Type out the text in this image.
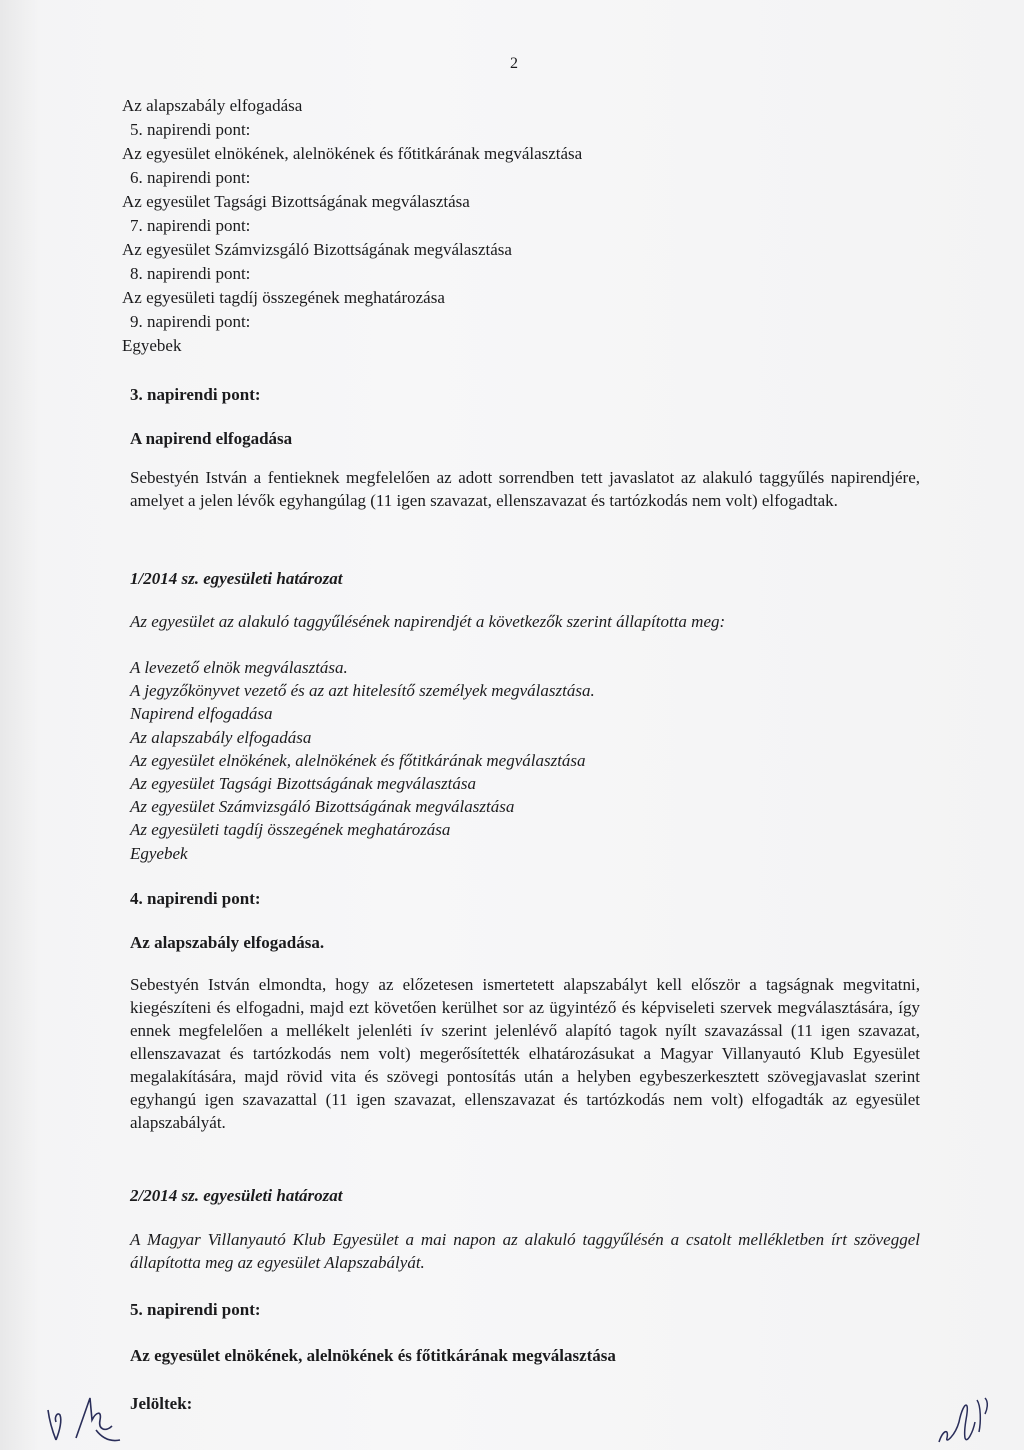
2
Az alapszabály elfogadása
5. napirendi pont:
Az egyesület elnökének, alelnökének és főtitkárának megválasztása
6. napirendi pont:
Az egyesület Tagsági Bizottságának megválasztása
7. napirendi pont:
Az egyesület Számvizsgáló Bizottságának megválasztása
8. napirendi pont:
Az egyesületi tagdíj összegének meghatározása
9. napirendi pont:
Egyebek
3. napirendi pont:
A napirend elfogadása
Sebestyén István a fentieknek megfelelően az adott sorrendben tett javaslatot az alakuló taggyűlés napirendjére, amelyet a jelen lévők egyhangúlag (11 igen szavazat, ellenszavazat és tartózkodás nem volt) elfogadtak.
1/2014 sz. egyesületi határozat
Az egyesület az alakuló taggyűlésének napirendjét a következők szerint állapította meg:
A levezető elnök megválasztása.
A jegyzőkönyvet vezető és az azt hitelesítő személyek megválasztása.
Napirend elfogadása
Az alapszabály elfogadása
Az egyesület elnökének, alelnökének és főtitkárának megválasztása
Az egyesület Tagsági Bizottságának megválasztása
Az egyesület Számvizsgáló Bizottságának megválasztása
Az egyesületi tagdíj összegének meghatározása
Egyebek
4. napirendi pont:
Az alapszabály elfogadása.
Sebestyén István elmondta, hogy az előzetesen ismertetett alapszabályt kell először a tagságnak megvitatni, kiegészíteni és elfogadni, majd ezt követően kerülhet sor az ügyintéző és képviseleti szervek megválasztására, így ennek megfelelően a mellékelt jelenléti ív szerint jelenlévő alapító tagok nyílt szavazással (11 igen szavazat, ellenszavazat és tartózkodás nem volt) megerősítették elhatározásukat a Magyar Villanyautó Klub Egyesület megalakítására, majd rövid vita és szövegi pontosítás után a helyben egybeszerkesztett szövegjavaslat szerint egyhangú igen szavazattal (11 igen szavazat, ellenszavazat és tartózkodás nem volt) elfogadták az egyesület alapszabályát.
2/2014 sz. egyesületi határozat
A Magyar Villanyautó Klub Egyesület a mai napon az alakuló taggyűlésén a csatolt mellékletben írt szöveggel állapította meg az egyesület Alapszabályát.
5. napirendi pont:
Az egyesület elnökének, alelnökének és főtitkárának megválasztása
Jelöltek:
